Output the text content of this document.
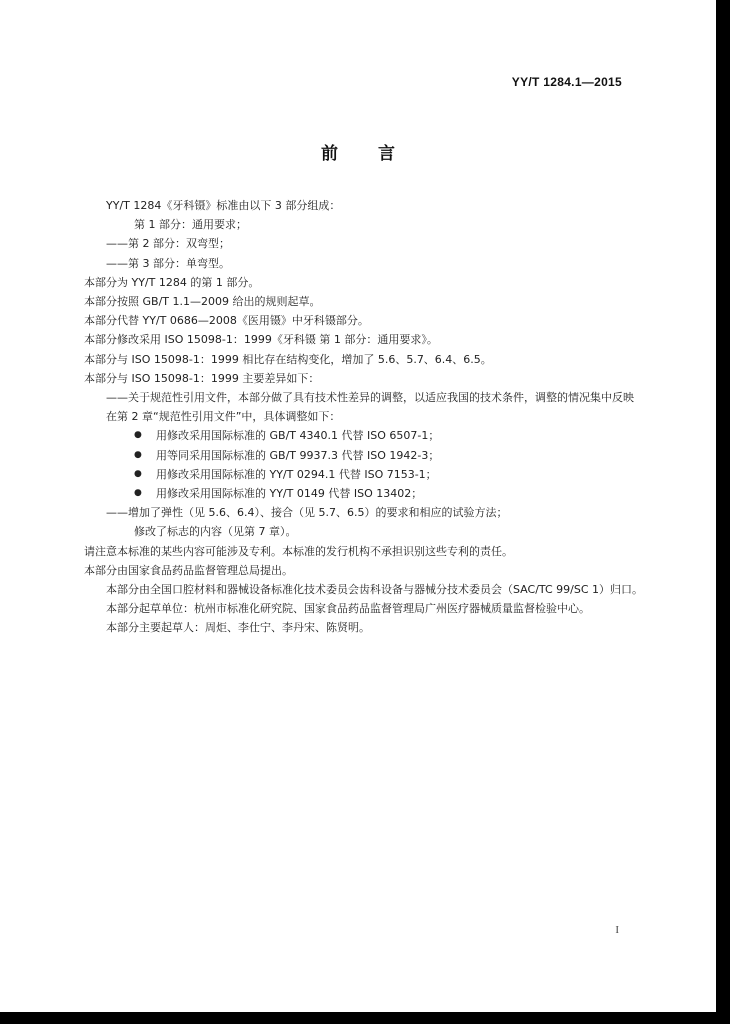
YY/T 1284.1—2015
前言

YY/T 1284《牙科镊》标准由以下 3 部分组成：

第 1 部分：通用要求；

——第 2 部分：双弯型；

——第 3 部分：单弯型。

本部分为 YY/T 1284 的第 1 部分。

本部分按照 GB/T 1.1—2009 给出的规则起草。

本部分代替 YY/T 0686—2008《医用镊》中牙科镊部分。

本部分修改采用 ISO 15098-1：1999《牙科镊 第 1 部分：通用要求》。

本部分与 ISO 15098-1：1999 相比存在结构变化，增加了 5.6、5.7、6.4、6.5。

本部分与 ISO 15098-1：1999 主要差异如下：

——关于规范性引用文件，本部分做了具有技术性差异的调整，以适应我国的技术条件，调整的情况集中反映在第 2 章“规范性引用文件”中，具体调整如下：

●	用修改采用国际标准的 GB/T 4340.1 代替 ISO 6507-1；
●	用等同采用国际标准的 GB/T 9937.3 代替 ISO 1942-3；
●	用修改采用国际标准的 YY/T 0294.1 代替 ISO 7153-1；
●	用修改采用国际标准的 YY/T 0149 代替 ISO 13402；

——增加了弹性（见 5.6、6.4）、接合（见 5.7、6.5）的要求和相应的试验方法；

修改了标志的内容（见第 7 章）。

请注意本标准的某些内容可能涉及专利。本标准的发行机构不承担识别这些专利的责任。

本部分由国家食品药品监督管理总局提出。

本部分由全国口腔材料和器械设备标准化技术委员会齿科设备与器械分技术委员会（SAC/TC 99/SC 1）归口。

本部分起草单位：杭州市标准化研究院、国家食品药品监督管理局广州医疗器械质量监督检验中心。

本部分主要起草人：周炬、李仕宁、李丹宋、陈贤明。

I
